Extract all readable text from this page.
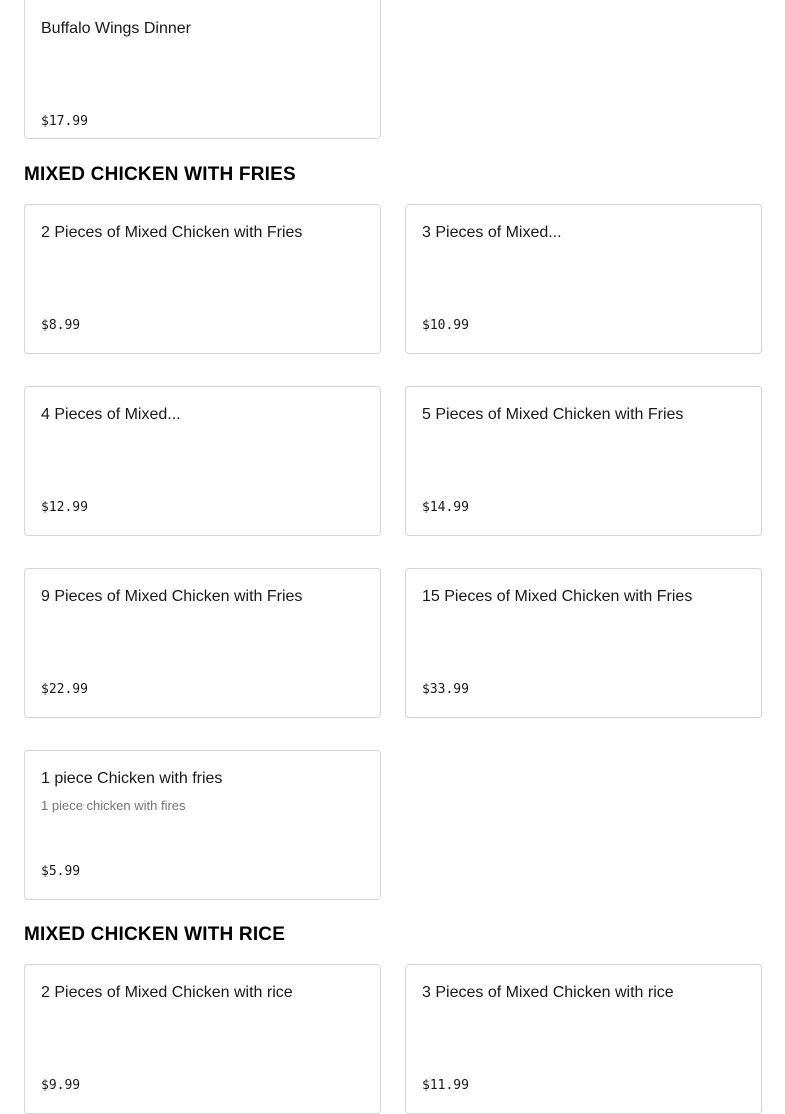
Buffalo Wings Dinner
$17.99
MIXED CHICKEN WITH FRIES
2 Pieces of Mixed Chicken with Fries
$8.99
3 Pieces of Mixed...
$10.99
4 Pieces of Mixed...
$12.99
5 Pieces of Mixed Chicken with Fries
$14.99
9 Pieces of Mixed Chicken with Fries
$22.99
15 Pieces of Mixed Chicken with Fries
$33.99
1 piece Chicken with fries
1 piece chicken with fires
$5.99
MIXED CHICKEN WITH RICE
2 Pieces of Mixed Chicken with rice
$9.99
3 Pieces of Mixed Chicken with rice
$11.99
